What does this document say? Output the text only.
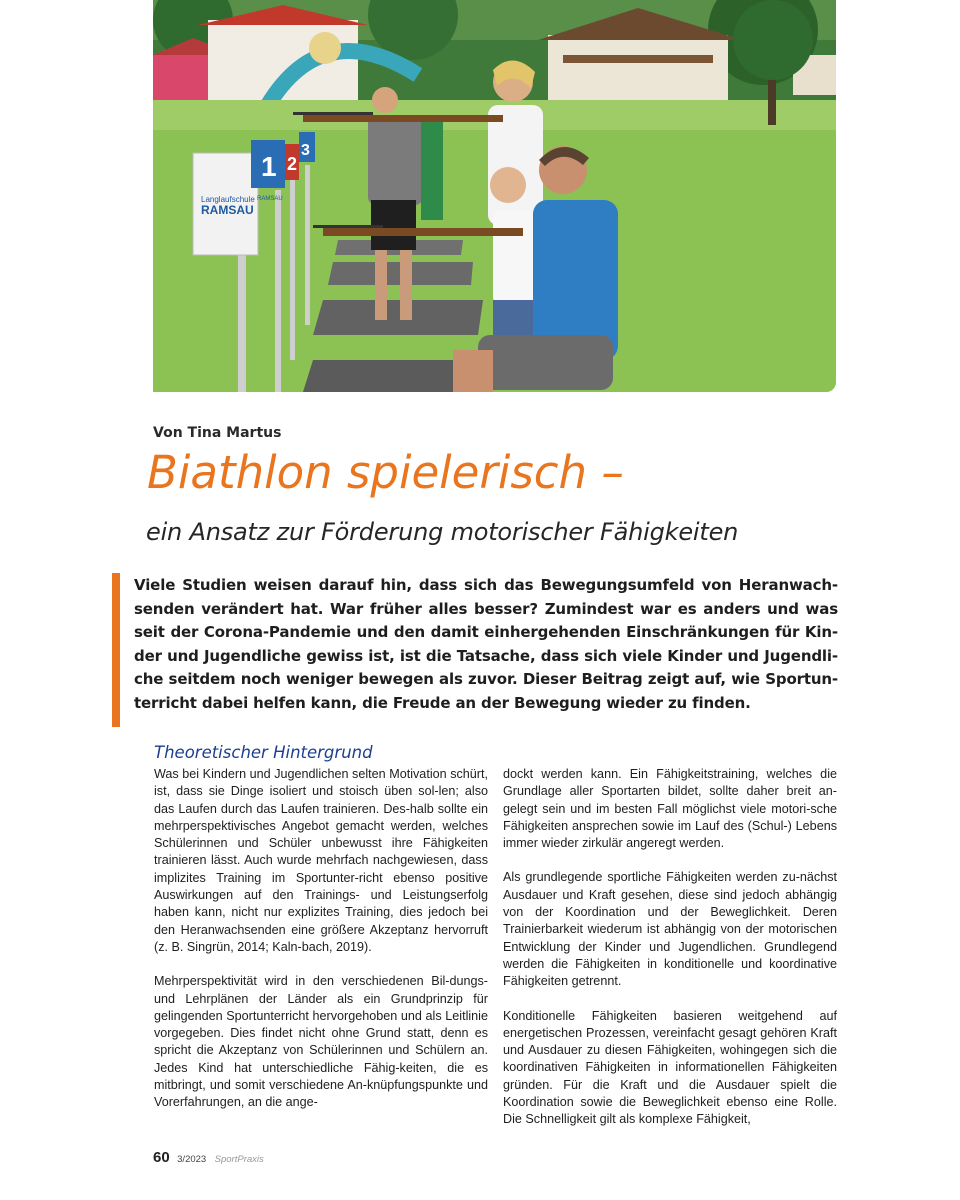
Langlaufschule
RAMSAU
1 2
3
RAMSAU
Von Tina Martus
Biathlon spielerisch –
ein Ansatz zur Förderung motorischer Fähigkeiten

Viele Studien weisen darauf hin, dass sich das Bewegungsumfeld von Heranwach-senden verändert hat. War früher alles besser? Zumindest war es anders und was seit der Corona-Pandemie und den damit einhergehenden Einschränkungen für Kin-der und Jugendliche gewiss ist, ist die Tatsache, dass sich viele Kinder und Jugendli-che seitdem noch weniger bewegen als zuvor. Dieser Beitrag zeigt auf, wie Sportun-terricht dabei helfen kann, die Freude an der Bewegung wieder zu finden.

Theoretischer Hintergrund

Was bei Kindern und Jugendlichen selten Motivation schürt, ist, dass sie Dinge isoliert und stoisch üben sol-len; also das Laufen durch das Laufen trainieren. Des-halb sollte ein mehrperspektivisches Angebot gemacht werden, welches Schülerinnen und Schüler unbewusst ihre Fähigkeiten trainieren lässt. Auch wurde mehrfach nachgewiesen, dass implizites Training im Sportunter-richt ebenso positive Auswirkungen auf den Trainings- und Leistungserfolg haben kann, nicht nur explizites Training, dies jedoch bei den Heranwachsenden eine größere Akzeptanz hervorruft (z. B. Singrün, 2014; Kaln-bach, 2019).

Mehrperspektivität wird in den verschiedenen Bil-dungs- und Lehrplänen der Länder als ein Grundprinzip für gelingenden Sportunterricht hervorgehoben und als Leitlinie vorgegeben. Dies findet nicht ohne Grund statt, denn es spricht die Akzeptanz von Schülerinnen und Schülern an. Jedes Kind hat unterschiedliche Fähig-keiten, die es mitbringt, und somit verschiedene An-knüpfungspunkte und Vorerfahrungen, an die ange-

dockt werden kann. Ein Fähigkeitstraining, welches die Grundlage aller Sportarten bildet, sollte daher breit an-gelegt sein und im besten Fall möglichst viele motori-sche Fähigkeiten ansprechen sowie im Lauf des (Schul-) Lebens immer wieder zirkulär angeregt werden.

Als grundlegende sportliche Fähigkeiten werden zu-nächst Ausdauer und Kraft gesehen, diese sind jedoch abhängig von der Koordination und der Beweglichkeit. Deren Trainierbarkeit wiederum ist abhängig von der motorischen Entwicklung der Kinder und Jugendlichen. Grundlegend werden die Fähigkeiten in konditionelle und koordinative Fähigkeiten getrennt.

Konditionelle Fähigkeiten basieren weitgehend auf energetischen Prozessen, vereinfacht gesagt gehören Kraft und Ausdauer zu diesen Fähigkeiten, wohingegen sich die koordinativen Fähigkeiten in informationellen Fähigkeiten gründen. Für die Kraft und die Ausdauer spielt die Koordination sowie die Beweglichkeit ebenso eine Rolle. Die Schnelligkeit gilt als komplexe Fähigkeit,

60 3/2023 SportPraxis
